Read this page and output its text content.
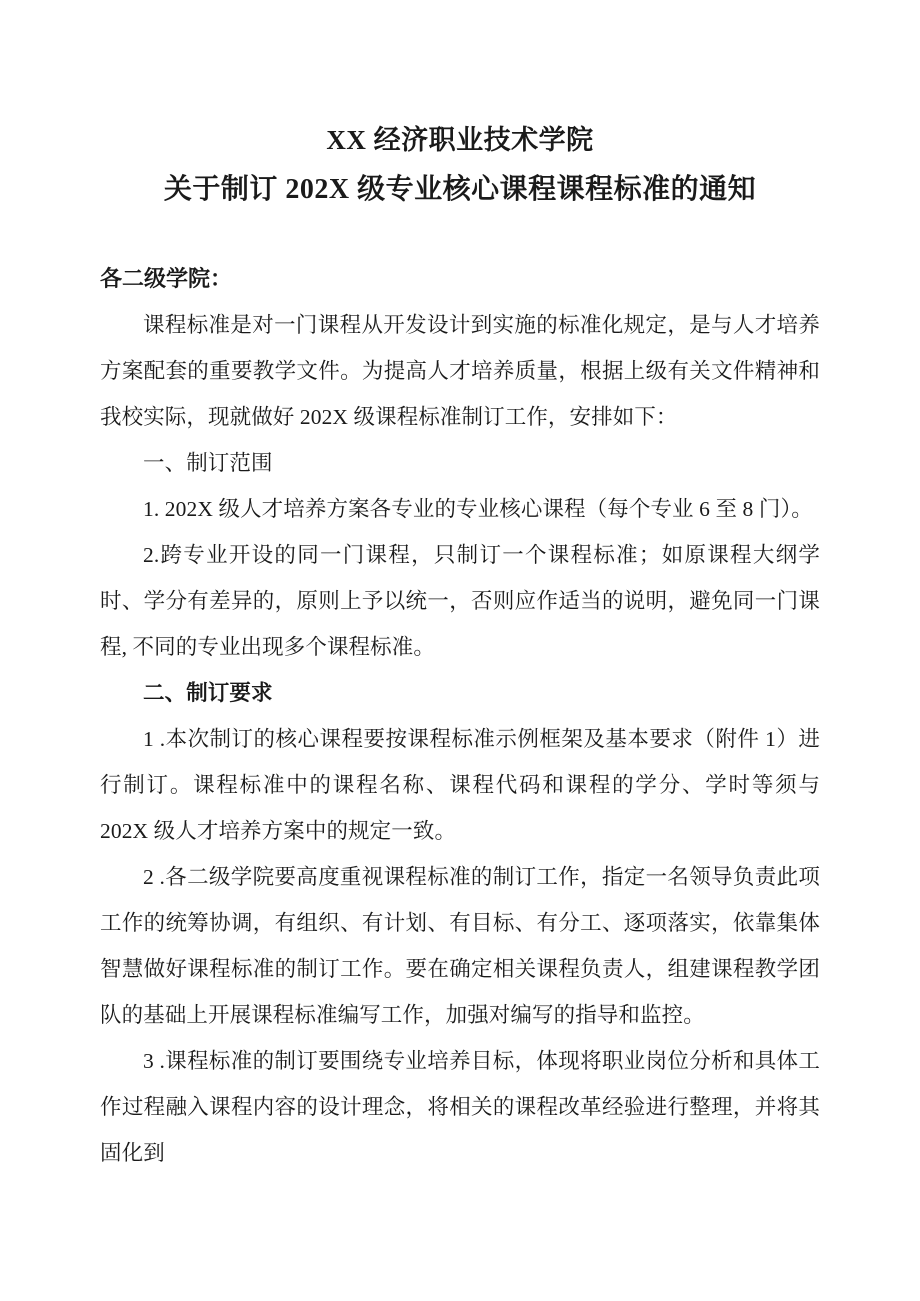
XX 经济职业技术学院
关于制订 202X 级专业核心课程课程标准的通知
各二级学院：

课程标准是对一门课程从开发设计到实施的标准化规定，是与人才培养方案配套的重要教学文件。为提高人才培养质量，根据上级有关文件精神和我校实际，现就做好 202X 级课程标准制订工作，安排如下：

一、制订范围

1. 202X 级人才培养方案各专业的专业核心课程（每个专业 6 至 8 门）。

2.跨专业开设的同一门课程，只制订一个课程标准；如原课程大纲学时、学分有差异的，原则上予以统一，否则应作适当的说明，避免同一门课程, 不同的专业出现多个课程标准。

二、制订要求

1 .本次制订的核心课程要按课程标准示例框架及基本要求（附件 1）进行制订。课程标准中的课程名称、课程代码和课程的学分、学时等须与 202X 级人才培养方案中的规定一致。

2 .各二级学院要高度重视课程标准的制订工作，指定一名领导负责此项工作的统筹协调，有组织、有计划、有目标、有分工、逐项落实，依靠集体智慧做好课程标准的制订工作。要在确定相关课程负责人，组建课程教学团队的基础上开展课程标准编写工作，加强对编写的指导和监控。

3 .课程标准的制订要围绕专业培养目标，体现将职业岗位分析和具体工作过程融入课程内容的设计理念，将相关的课程改革经验进行整理，并将其固化到
